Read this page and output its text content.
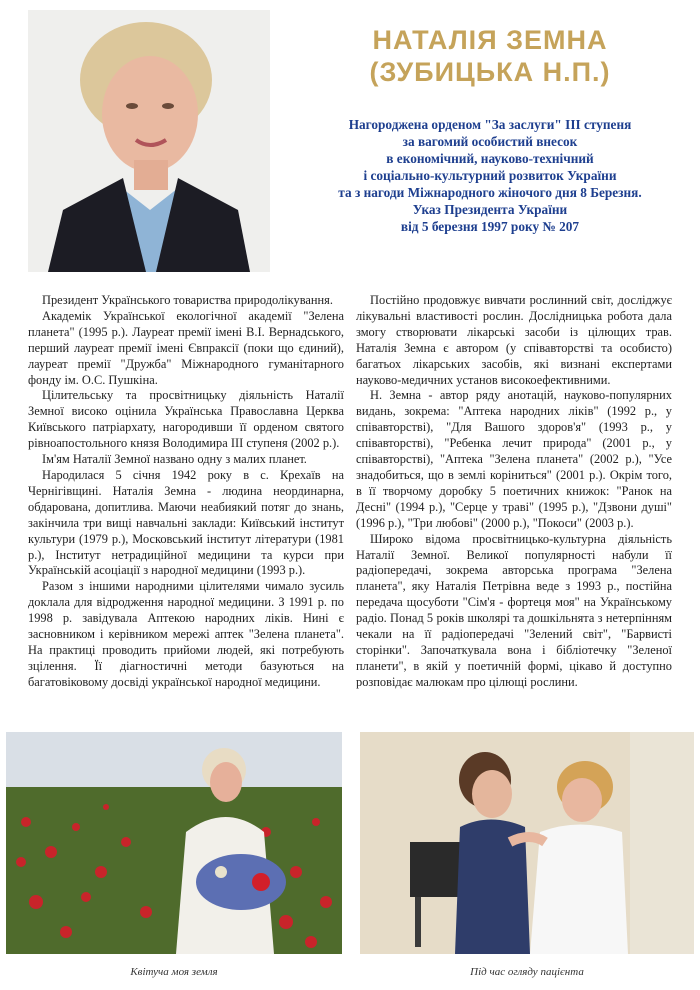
НАТАЛІЯ ЗЕМНА
(ЗУБИЦЬКА Н.П.)
Нагороджена орденом "За заслуги" III ступеня
за вагомий особистий внесок
в економічний, науково-технічний
і соціально-культурний розвиток України
та з нагоди Міжнародного жіночого дня 8 Березня.
Указ Президента України
від 5 березня 1997 року № 207

Президент Українського товариства природолікування.

Академік Української екологічної академії "Зелена планета" (1995 р.). Лауреат премії імені В.І. Вернадського, перший лауреат премії імені Євпраксії (поки що єдиний), лауреат премії "Дружба" Міжнародного гуманітарного фонду ім. О.С. Пушкіна.

Цілительську та просвітницьку діяльність Наталії Земної високо оцінила Українська Православна Церква Київського патріархату, нагородивши її орденом святого рівноапостольного князя Володимира III ступеня (2002 р.).

Ім'ям Наталії Земної названо одну з малих планет.

Народилася 5 січня 1942 року в с. Крехаїв на Чернігівщині. Наталія Земна - людина неординарна, обдарована, допитлива. Маючи неабиякий потяг до знань, закінчила три вищі навчальні заклади: Київський інститут культури (1979 р.), Московський інститут літератури (1981 р.), Інститут нетрадиційної медицини та курси при Українській асоціації з народної медицини (1993 р.).

Разом з іншими народними цілителями чимало зусиль доклала для відродження народної медицини. З 1991 р. по 1998 р. завідувала Аптекою народних ліків. Нині є засновником і керівником мережі аптек "Зелена планета". На практиці проводить прийоми людей, які потребують зцілення. Її діагностичні методи базуються на багатовіковому досвіді української народної медицини.

Постійно продовжує вивчати рослинний світ, досліджує лікувальні властивості рослин. Дослідницька робота дала змогу створювати лікарські засоби із цілющих трав. Наталія Земна є автором (у співавторстві та особисто) багатьох лікарських засобів, які визнані експертами науково-медичних установ високоефективними.

Н. Земна - автор ряду анотацій, науково-популярних видань, зокрема: "Аптека народних ліків" (1992 р., у співавторстві), "Для Вашого здоров'я" (1993 р., у співавторстві), "Ребенка лечит природа" (2001 р., у співавторстві), "Аптека "Зелена планета" (2002 р.), "Усе знадобиться, що в землі коріниться" (2001 р.). Окрім того, в її творчому доробку 5 поетичних книжок: "Ранок на Десні" (1994 р.), "Серце у траві" (1995 р.), "Дзвони душі" (1996 р.), "Три любові" (2000 р.), "Покоси" (2003 р.).

Широко відома просвітницько-культурна діяльність Наталії Земної. Великої популярності набули її радіопередачі, зокрема авторська програма "Зелена планета", яку Наталія Петрівна веде з 1993 р., постійна передача щосуботи "Сім'я - фортеця моя" на Українському радіо. Понад 5 років школярі та дошкільнята з нетерпінням чекали на її радіопередачі "Зелений світ", "Барвисті сторінки". Започаткувала вона і бібліотечку "Зеленої планети", в якій у поетичній формі, цікаво й доступно розповідає малюкам про цілющі рослини.

Квітуча моя земля	Під час огляду пацієнта
